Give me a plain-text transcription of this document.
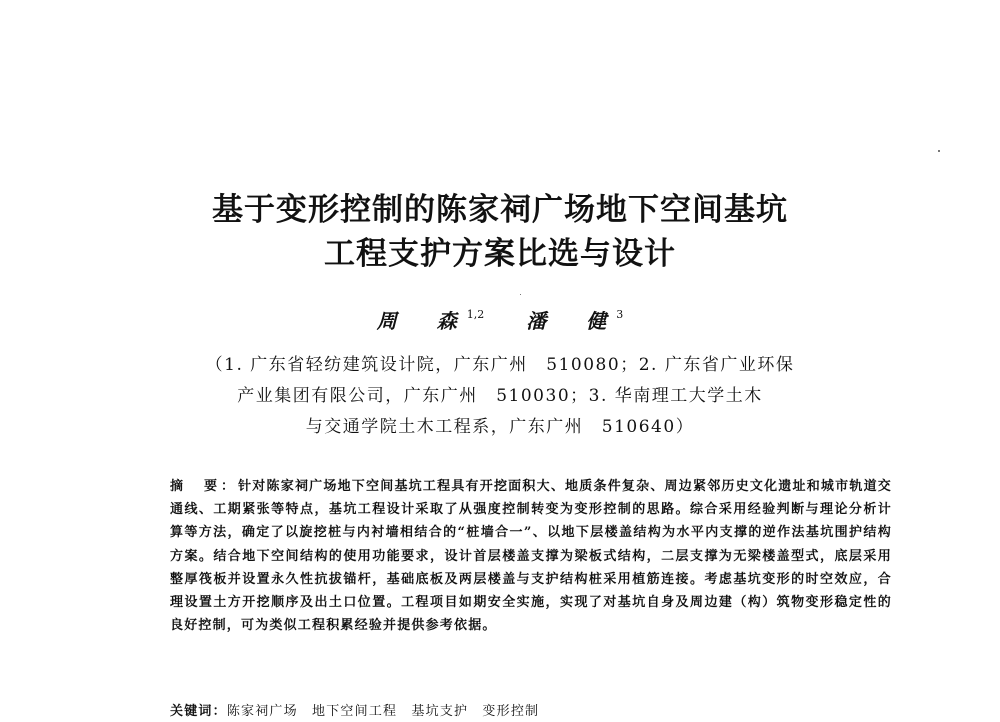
基于变形控制的陈家祠广场地下空间基坑
工程支护方案比选与设计
周　森$^{1,2}$ 潘　健$^3$
（1. 广东省轻纺建筑设计院，广东广州　510080；2. 广东省广业环保
产业集团有限公司，广东广州　510030；3. 华南理工大学土木
与交通学院土木工程系，广东广州　510640）
摘　要：针对陈家祠广场地下空间基坑工程具有开挖面积大、地质条件复杂、周边紧邻历史文化遗址和城市轨道交通线、工期紧张等特点，基坑工程设计采取了从强度控制转变为变形控制的思路。综合采用经验判断与理论分析计算等方法，确定了以旋挖桩与内衬墙相结合的“桩墙合一”、以地下层楼盖结构为水平内支撑的逆作法基坑围护结构方案。结合地下空间结构的使用功能要求，设计首层楼盖支撑为梁板式结构，二层支撑为无梁楼盖型式，底层采用整厚筏板并设置永久性抗拔锚杆，基础底板及两层楼盖与支护结构桩采用植筋连接。考虑基坑变形的时空效应，合理设置土方开挖顺序及出土口位置。工程项目如期安全实施，实现了对基坑自身及周边建（构）筑物变形稳定性的良好控制，可为类似工程积累经验并提供参考依据。
关键词：陈家祠广场　地下空间工程　基坑支护　变形控制
